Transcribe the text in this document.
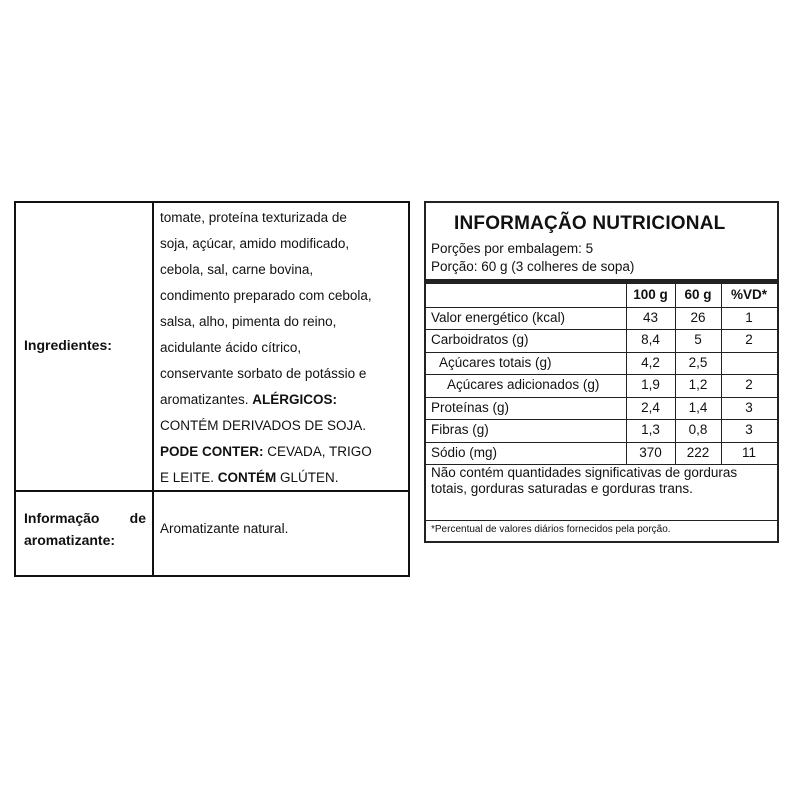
Ingredientes:
tomate, proteína texturizada de
soja, açúcar, amido modificado,
cebola, sal, carne bovina,
condimento preparado com cebola,
salsa, alho, pimenta do reino,
acidulante ácido cítrico,
conservante sorbato de potássio e
aromatizantes. ALÉRGICOS:
CONTÉM DERIVADOS DE SOJA.
PODE CONTER: CEVADA, TRIGO
E LEITE. CONTÉM GLÚTEN.
Informação de aromatizante:
Aromatizante natural.
INFORMAÇÃO NUTRICIONAL
Porções por embalagem: 5
Porção: 60 g (3 colheres de sopa)
100 g	60 g	%VD*
Valor energético (kcal)	43	26	1
Carboidratos (g)	8,4	5	2
Açúcares totais (g)	4,2	2,5
Açúcares adicionados (g)	1,9	1,2	2
Proteínas (g)	2,4	1,4	3
Fibras (g)	1,3	0,8	3
Sódio (mg)	370	222	11
Não contém quantidades significativas de gorduras totais, gorduras saturadas e gorduras trans.
*Percentual de valores diários fornecidos pela porção.
